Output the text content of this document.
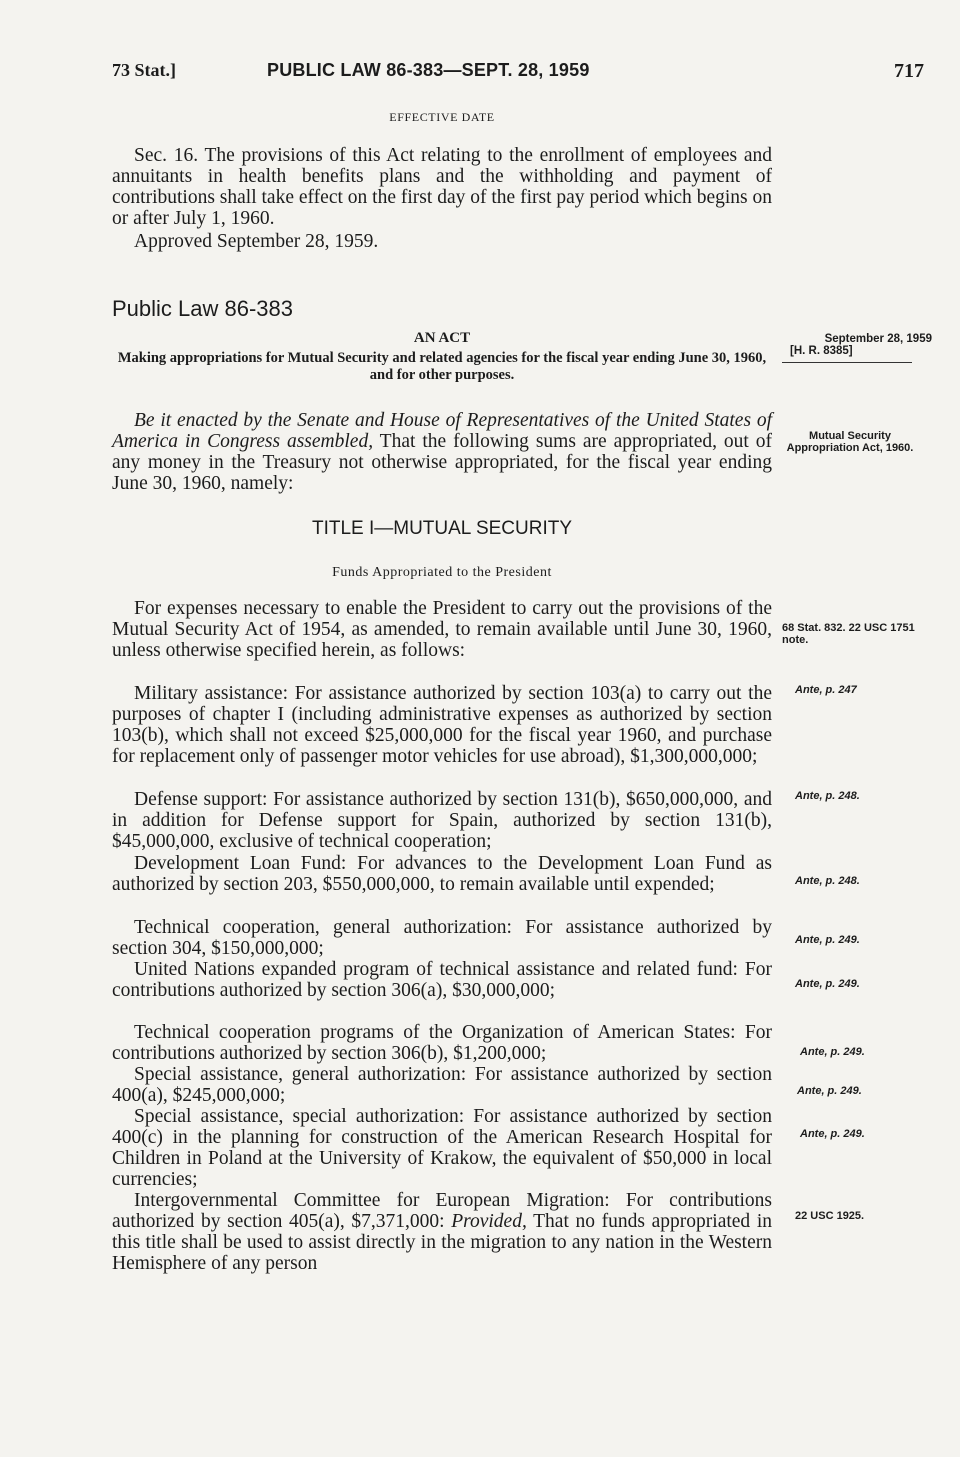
73 Stat.]	PUBLIC LAW 86-383—SEPT. 28, 1959	717
EFFECTIVE DATE
Sec. 16. The provisions of this Act relating to the enrollment of employees and annuitants in health benefits plans and the withholding and payment of contributions shall take effect on the first day of the first pay period which begins on or after July 1, 1960.
Approved September 28, 1959.
Public Law 86-383
AN ACT
Making appropriations for Mutual Security and related agencies for the fiscal year ending June 30, 1960, and for other purposes.
September 28, 1959
[H. R. 8385]
Be it enacted by the Senate and House of Representatives of the United States of America in Congress assembled, That the following sums are appropriated, out of any money in the Treasury not otherwise appropriated, for the fiscal year ending June 30, 1960, namely:
Mutual Security Appropriation Act, 1960.
TITLE I—MUTUAL SECURITY
Funds Appropriated to the President
For expenses necessary to enable the President to carry out the provisions of the Mutual Security Act of 1954, as amended, to remain available until June 30, 1960, unless otherwise specified herein, as follows:
68 Stat. 832. 22 USC 1751 note.
Military assistance: For assistance authorized by section 103(a) to carry out the purposes of chapter I (including administrative expenses as authorized by section 103(b), which shall not exceed $25,000,000 for the fiscal year 1960, and purchase for replacement only of passenger motor vehicles for use abroad), $1,300,000,000;
Ante, p. 247
Defense support: For assistance authorized by section 131(b), $650,000,000, and in addition for Defense support for Spain, authorized by section 131(b), $45,000,000, exclusive of technical cooperation;
Ante, p. 248.
Development Loan Fund: For advances to the Development Loan Fund as authorized by section 203, $550,000,000, to remain available until expended;	Ante, p. 248.
Technical cooperation, general authorization: For assistance authorized by section 304, $150,000,000;	Ante, p. 249.
United Nations expanded program of technical assistance and related fund: For contributions authorized by section 306(a), $30,000,000;	Ante, p. 249.
Technical cooperation programs of the Organization of American States: For contributions authorized by section 306(b), $1,200,000;	Ante, p. 249.
Special assistance, general authorization: For assistance authorized by section 400(a), $245,000,000;	Ante, p. 249.
Special assistance, special authorization: For assistance authorized by section 400(c) in the planning for construction of the American Research Hospital for Children in Poland at the University of Krakow, the equivalent of $50,000 in local currencies;
Ante, p. 249.
Intergovernmental Committee for European Migration: For contributions authorized by section 405(a), $7,371,000: Provided, That no funds appropriated in this title shall be used to assist directly in the migration to any nation in the Western Hemisphere of any person
22 USC 1925.
